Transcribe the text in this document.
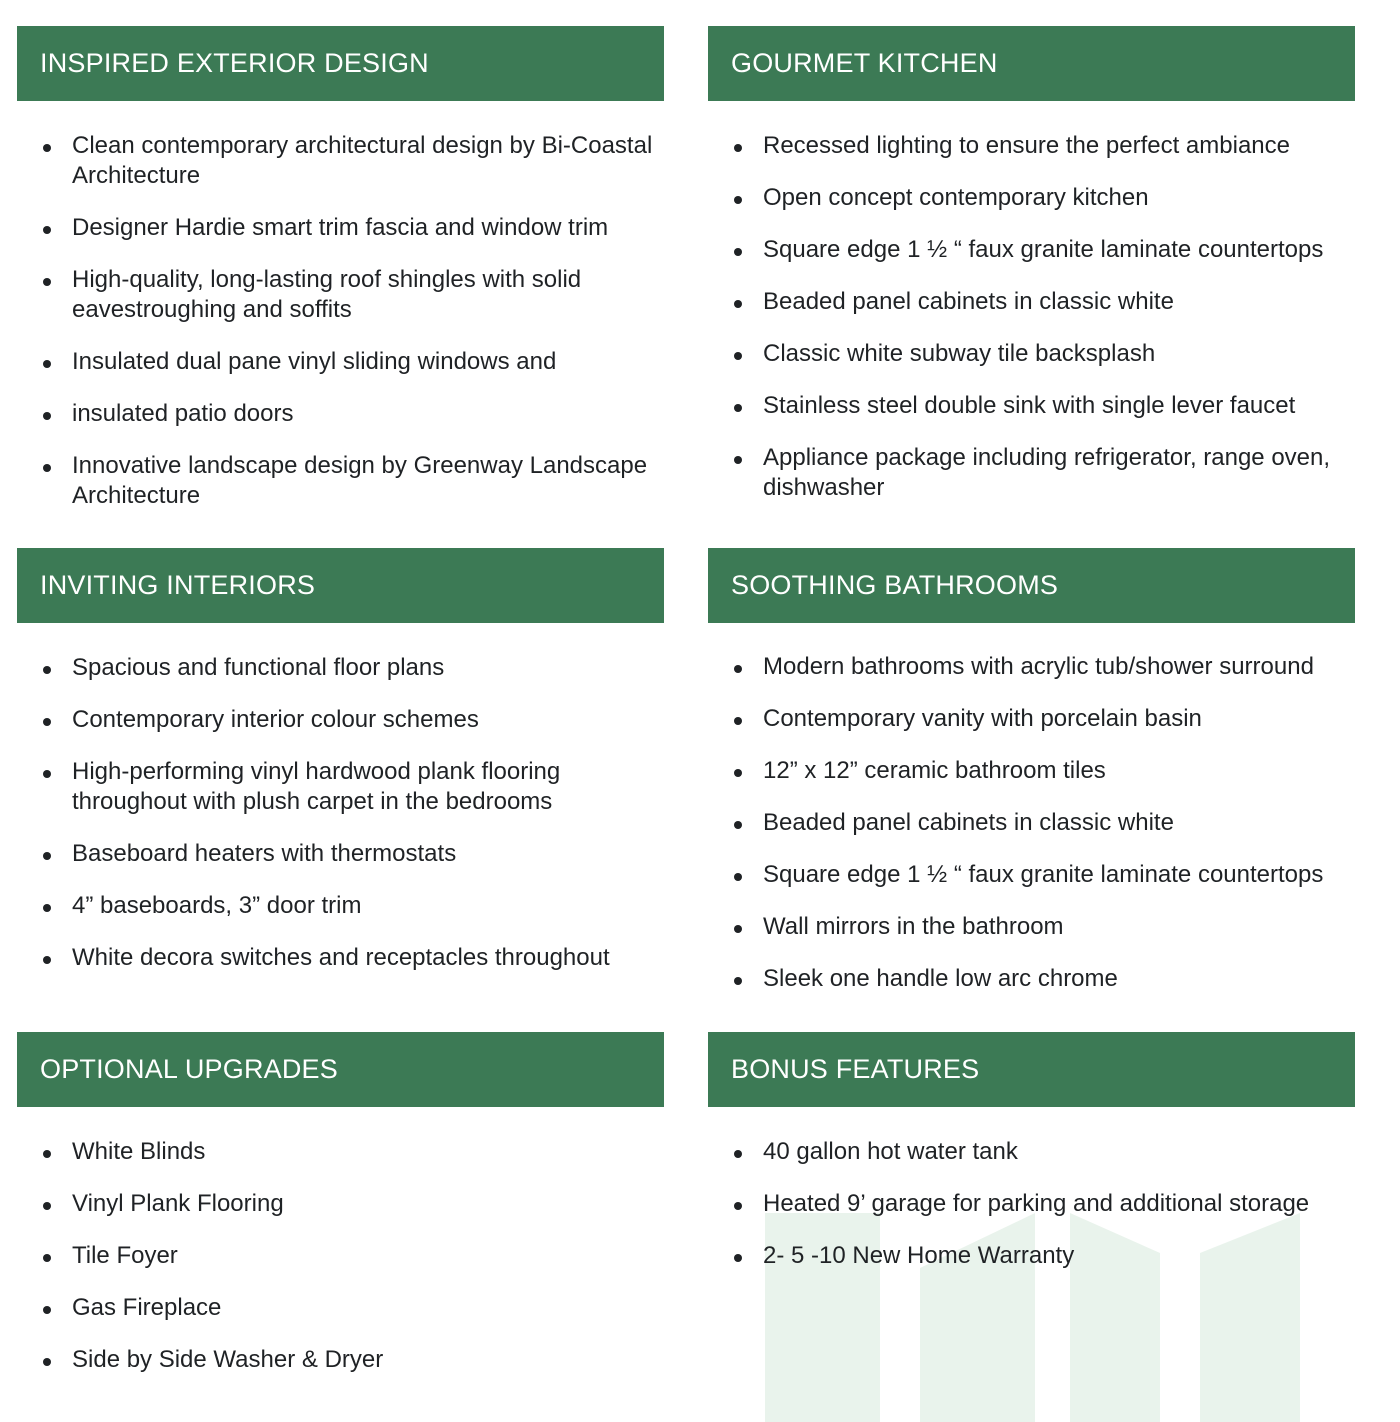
INSPIRED EXTERIOR DESIGN
Clean contemporary architectural design by Bi-Coastal Architecture
Designer Hardie smart trim fascia and window trim
High-quality, long-lasting roof shingles with solid eavestroughing and soffits
Insulated dual pane vinyl sliding windows and
insulated patio doors
Innovative landscape design by Greenway Landscape Architecture
GOURMET KITCHEN
Recessed lighting to ensure the perfect ambiance
Open concept contemporary kitchen
Square edge 1 ½ “ faux granite laminate countertops
Beaded panel cabinets in classic white
Classic white subway tile backsplash
Stainless steel double sink with single lever faucet
Appliance package including refrigerator, range oven, dishwasher
INVITING INTERIORS
Spacious and functional floor plans
Contemporary interior colour schemes
High-performing vinyl hardwood plank flooring throughout with plush carpet in the bedrooms
Baseboard heaters with thermostats
4” baseboards, 3” door trim
White decora switches and receptacles throughout
SOOTHING BATHROOMS
Modern bathrooms with acrylic tub/shower surround
Contemporary vanity with porcelain basin
12” x 12” ceramic bathroom tiles
Beaded panel cabinets in classic white
Square edge 1 ½ “ faux granite laminate countertops
Wall mirrors in the bathroom
Sleek one handle low arc chrome
OPTIONAL UPGRADES
White Blinds
Vinyl Plank Flooring
Tile Foyer
Gas Fireplace
Side by Side Washer & Dryer
BONUS FEATURES
40 gallon hot water tank
Heated 9’ garage for parking and additional storage
2- 5 -10 New Home Warranty
